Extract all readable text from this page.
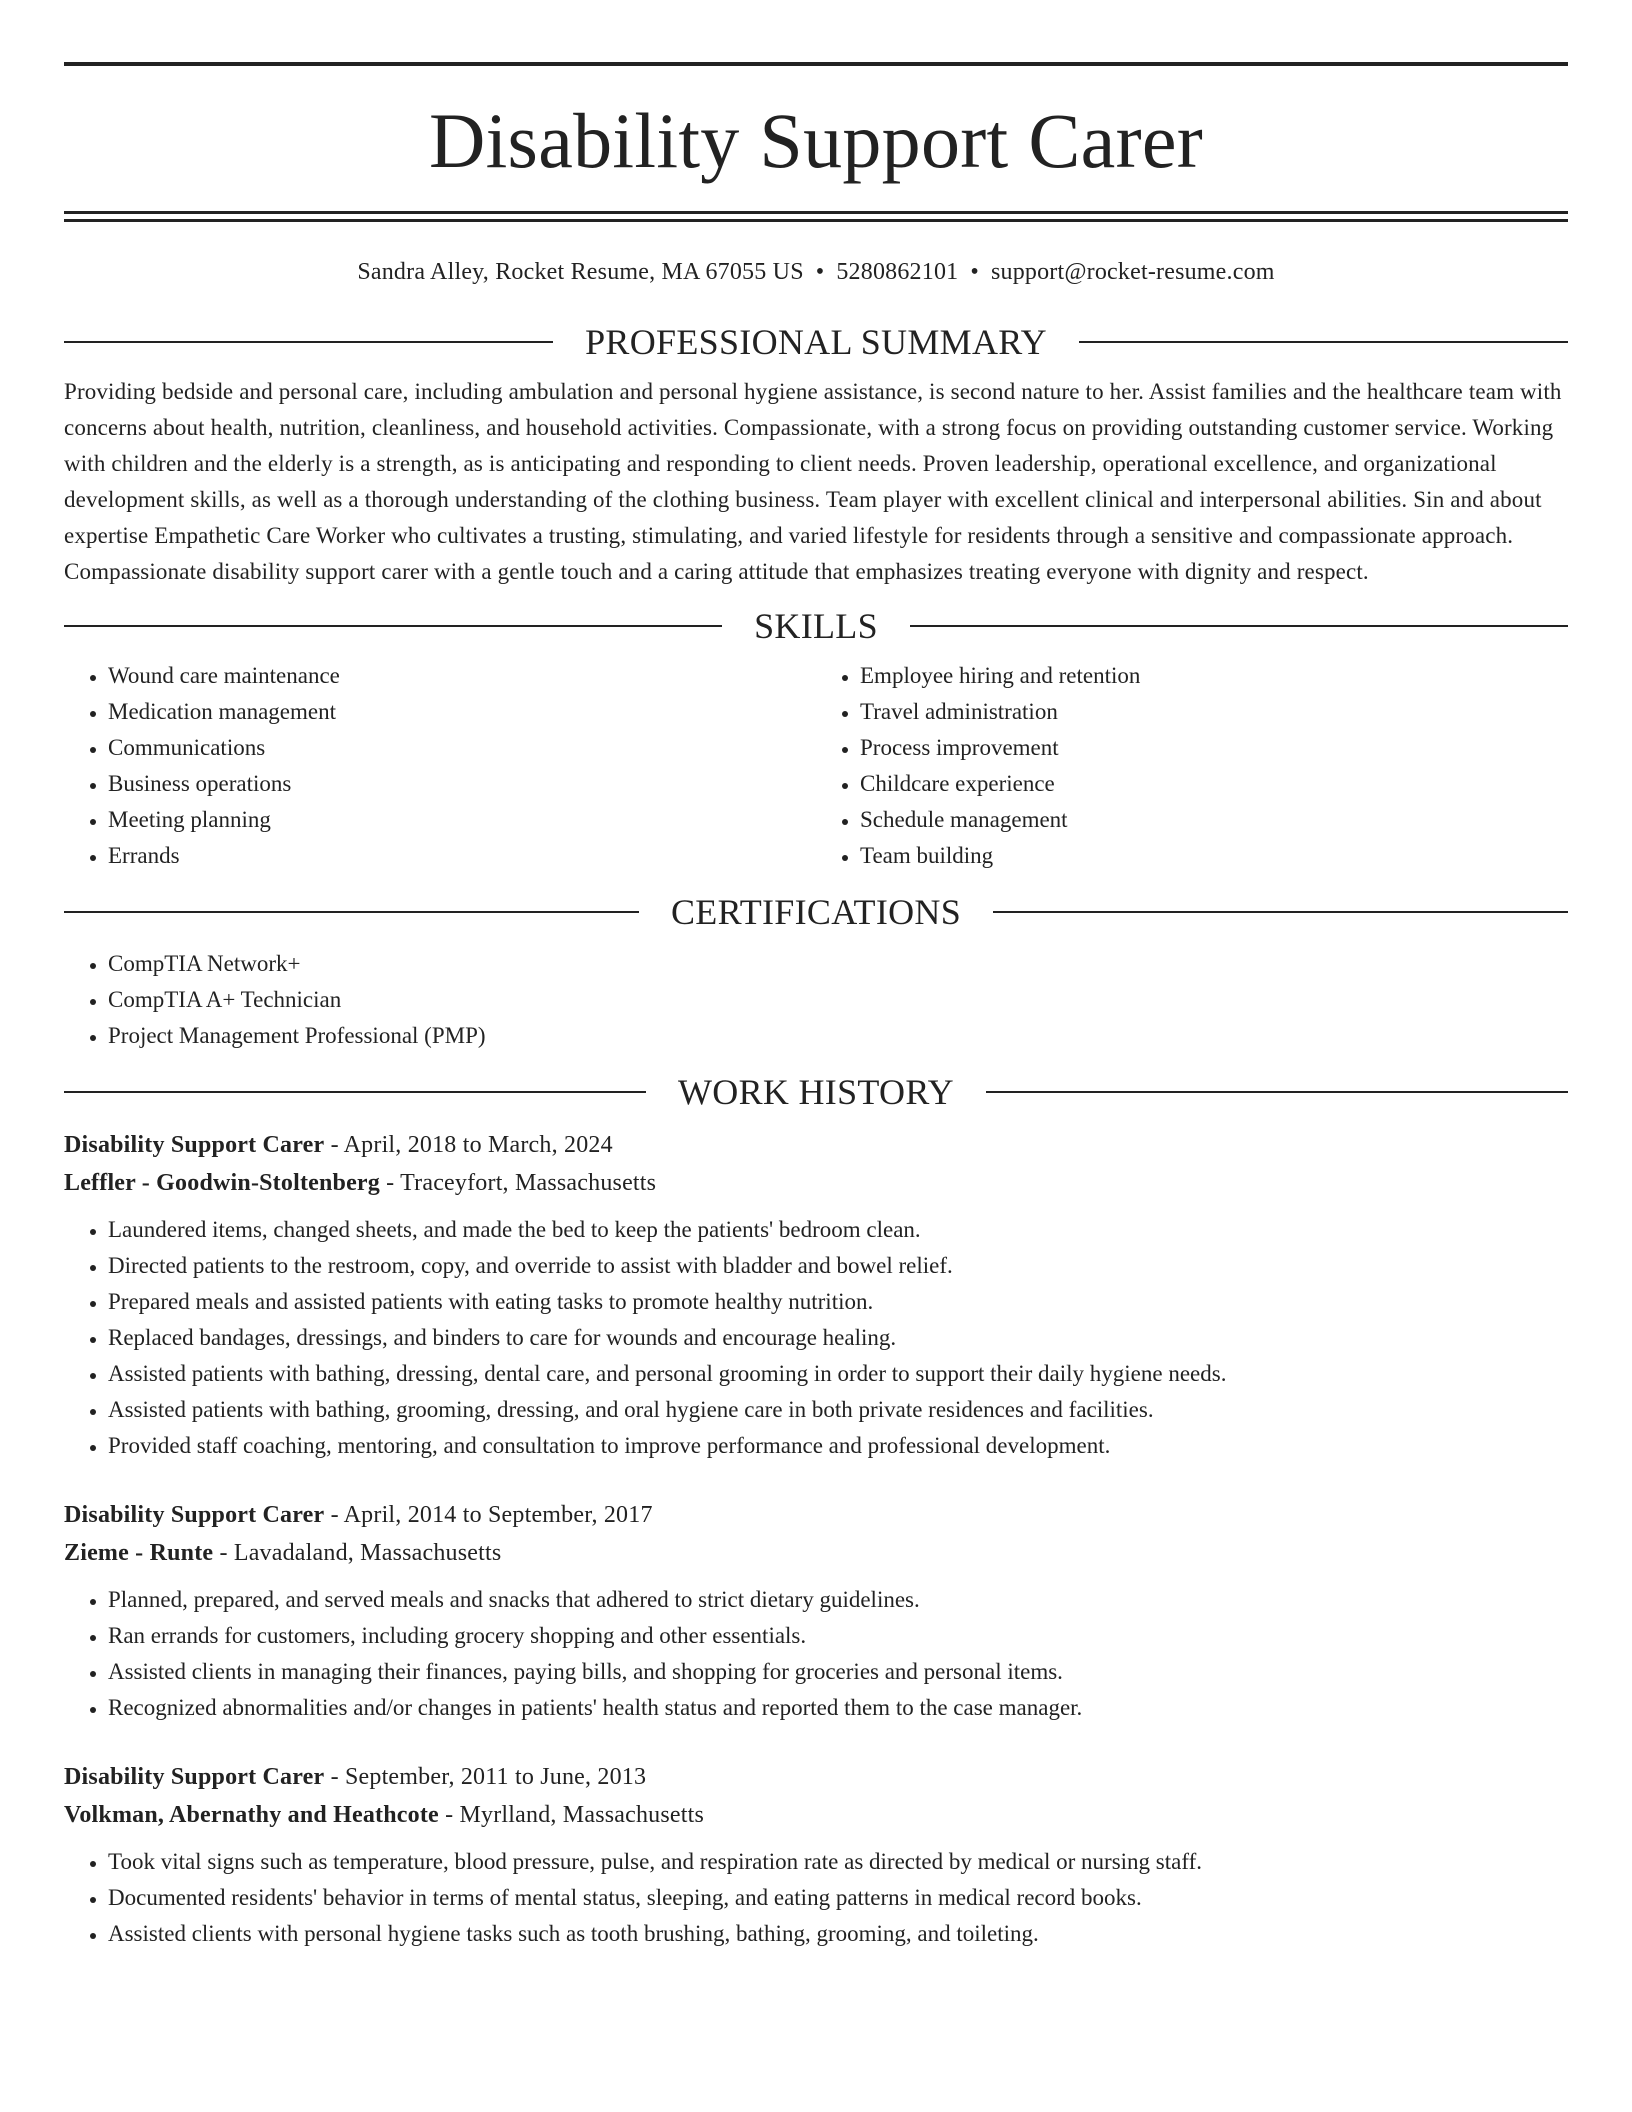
Disability Support Carer
Sandra Alley, Rocket Resume, MA 67055 US • 5280862101 • support@rocket-resume.com
PROFESSIONAL SUMMARY

Providing bedside and personal care, including ambulation and personal hygiene assistance, is second nature to her. Assist families and the healthcare team with concerns about health, nutrition, cleanliness, and household activities. Compassionate, with a strong focus on providing outstanding customer service. Working with children and the elderly is a strength, as is anticipating and responding to client needs. Proven leadership, operational excellence, and organizational development skills, as well as a thorough understanding of the clothing business. Team player with excellent clinical and interpersonal abilities. Sin and about expertise Empathetic Care Worker who cultivates a trusting, stimulating, and varied lifestyle for residents through a sensitive and compassionate approach. Compassionate disability support carer with a gentle touch and a caring attitude that emphasizes treating everyone with dignity and respect.

SKILLS
• Wound care maintenance
• Medication management
• Communications
• Business operations
• Meeting planning
• Errands
• Employee hiring and retention
• Travel administration
• Process improvement
• Childcare experience
• Schedule management
• Team building
CERTIFICATIONS
• CompTIA Network+
• CompTIA A+ Technician
• Project Management Professional (PMP)
WORK HISTORY
Disability Support Carer - April, 2018 to March, 2024
Leffler - Goodwin-Stoltenberg - Traceyfort, Massachusetts
• Laundered items, changed sheets, and made the bed to keep the patients' bedroom clean.
• Directed patients to the restroom, copy, and override to assist with bladder and bowel relief.
• Prepared meals and assisted patients with eating tasks to promote healthy nutrition.
• Replaced bandages, dressings, and binders to care for wounds and encourage healing.
• Assisted patients with bathing, dressing, dental care, and personal grooming in order to support their daily hygiene needs.
• Assisted patients with bathing, grooming, dressing, and oral hygiene care in both private residences and facilities.
• Provided staff coaching, mentoring, and consultation to improve performance and professional development.
Disability Support Carer - April, 2014 to September, 2017
Zieme - Runte - Lavadaland, Massachusetts
• Planned, prepared, and served meals and snacks that adhered to strict dietary guidelines.
• Ran errands for customers, including grocery shopping and other essentials.
• Assisted clients in managing their finances, paying bills, and shopping for groceries and personal items.
• Recognized abnormalities and/or changes in patients' health status and reported them to the case manager.
Disability Support Carer - September, 2011 to June, 2013
Volkman, Abernathy and Heathcote - Myrlland, Massachusetts
• Took vital signs such as temperature, blood pressure, pulse, and respiration rate as directed by medical or nursing staff.
• Documented residents' behavior in terms of mental status, sleeping, and eating patterns in medical record books.
• Assisted clients with personal hygiene tasks such as tooth brushing, bathing, grooming, and toileting.
